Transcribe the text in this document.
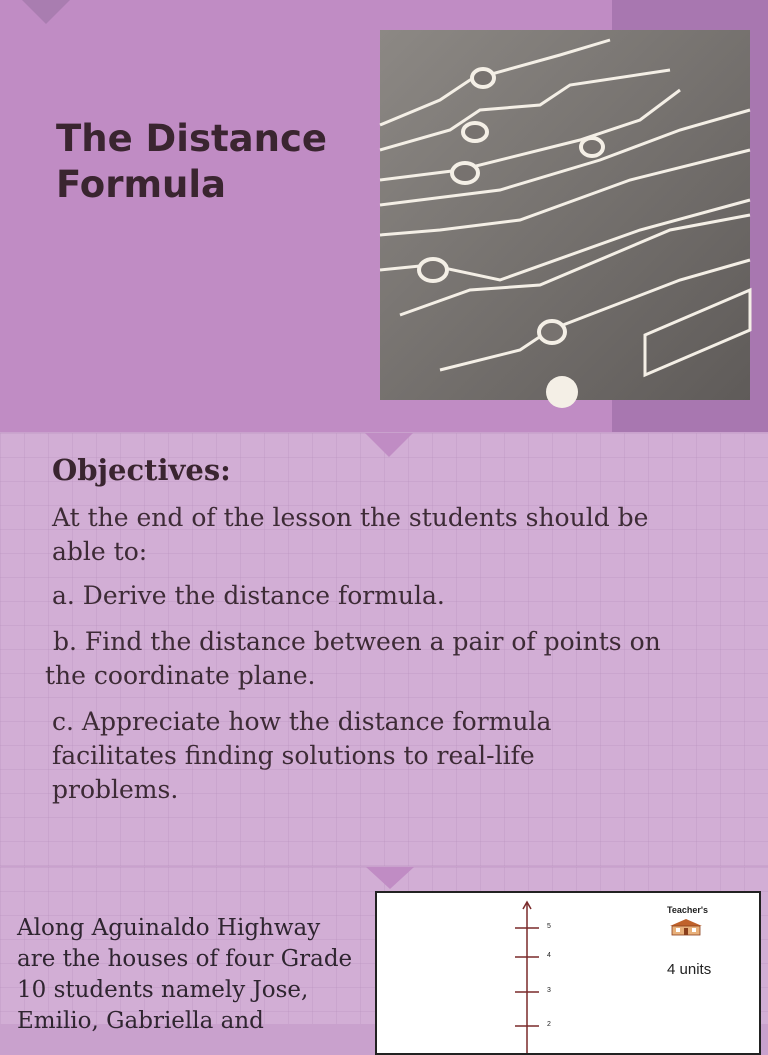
The Distance
Formula
Objectives:

At the end of the lesson the students should be able to:

a. Derive the distance formula.

b. Find the distance between a pair of points on the coordinate plane.

c. Appreciate how the distance formula facilitates finding solutions to real-life problems.

Along Aguinaldo Highway are the houses of four Grade 10 students namely Jose, Emilio, Gabriella and

5
4
3
2
Teacher's
4 units
